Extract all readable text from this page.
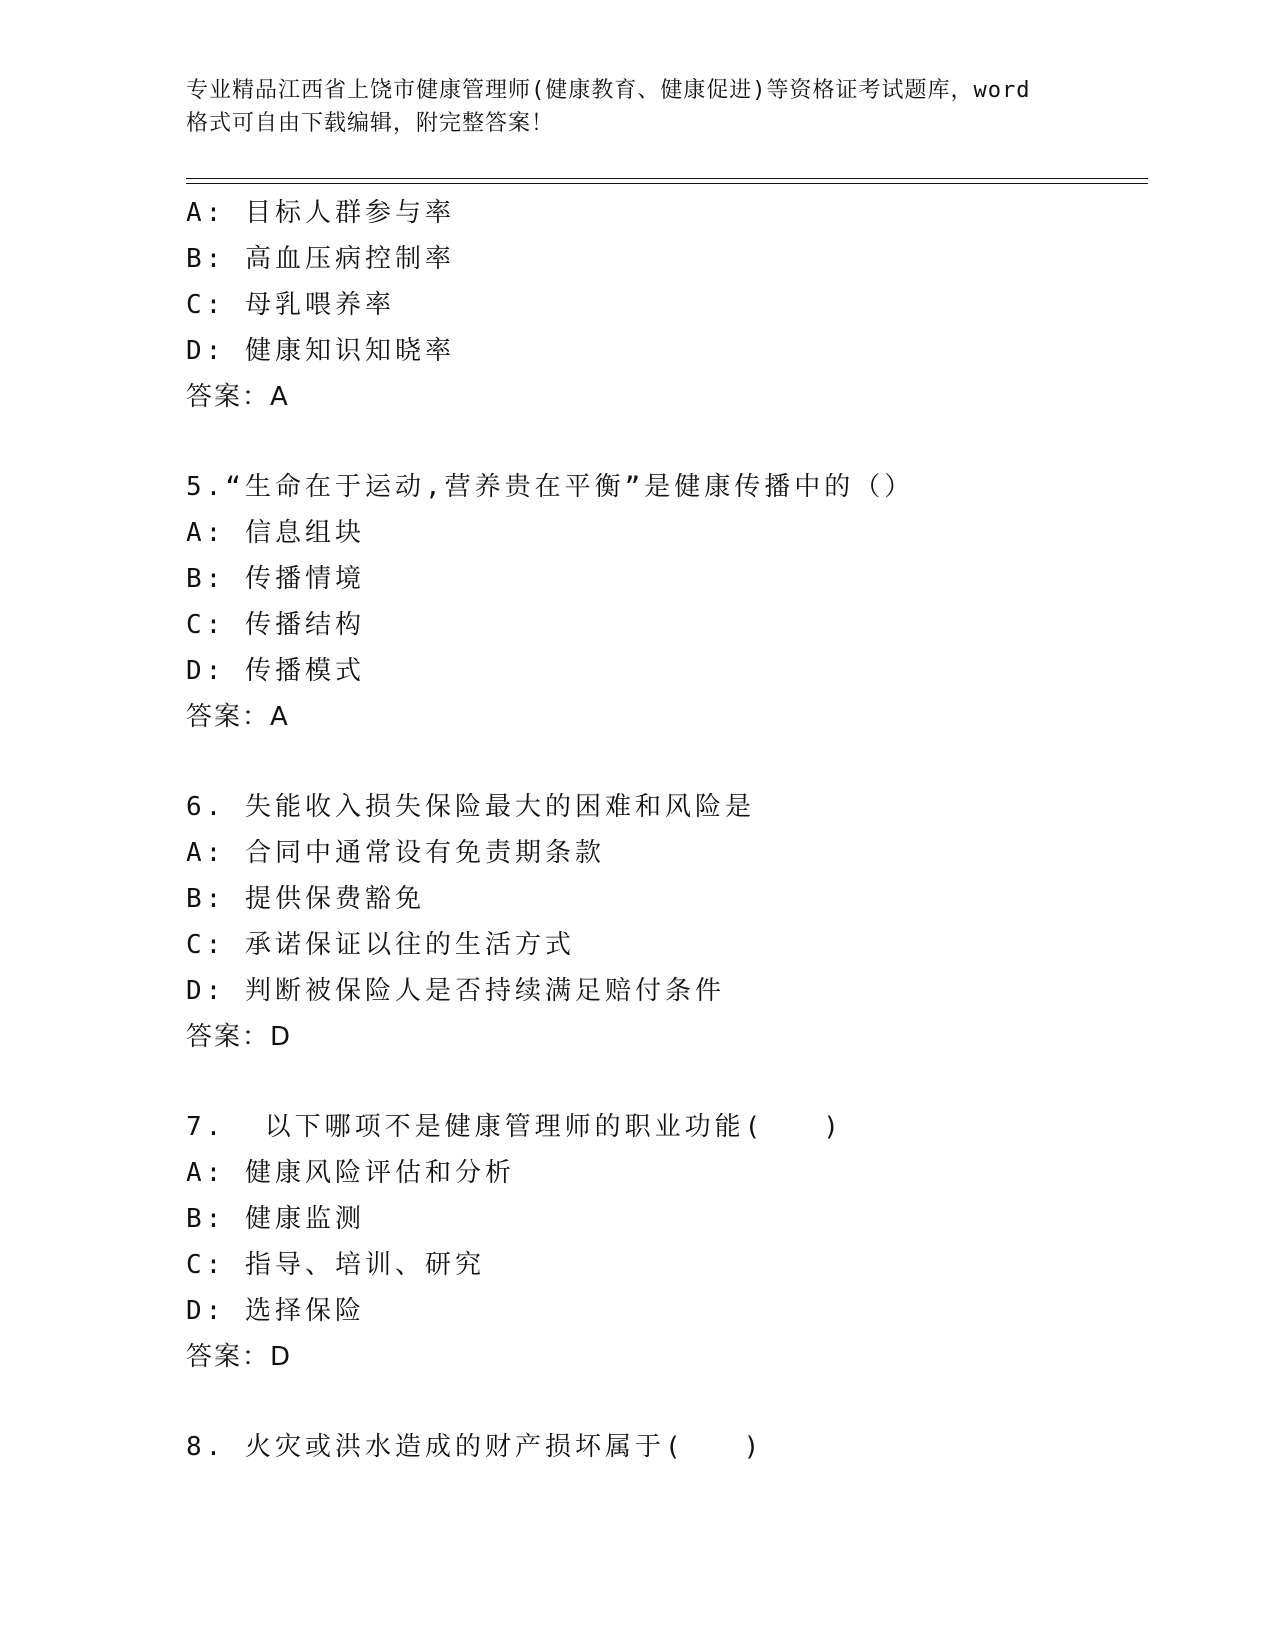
专业精品江西省上饶市健康管理师(健康教育、健康促进)等资格证考试题库，word
格式可自由下载编辑，附完整答案！
A: 目标人群参与率
B: 高血压病控制率
C: 母乳喂养率
D: 健康知识知晓率
答案：A
5.“生命在于运动,营养贵在平衡”是健康传播中的（）
A: 信息组块
B: 传播情境
C: 传播结构
D: 传播模式
答案：A
6. 失能收入损失保险最大的困难和风险是
A: 合同中通常设有免责期条款
B: 提供保费豁免
C: 承诺保证以往的生活方式
D: 判断被保险人是否持续满足赔付条件
答案：D
7.  以下哪项不是健康管理师的职业功能(   )
A: 健康风险评估和分析
B: 健康监测
C: 指导、培训、研究
D: 选择保险
答案：D
8. 火灾或洪水造成的财产损坏属于(   )
